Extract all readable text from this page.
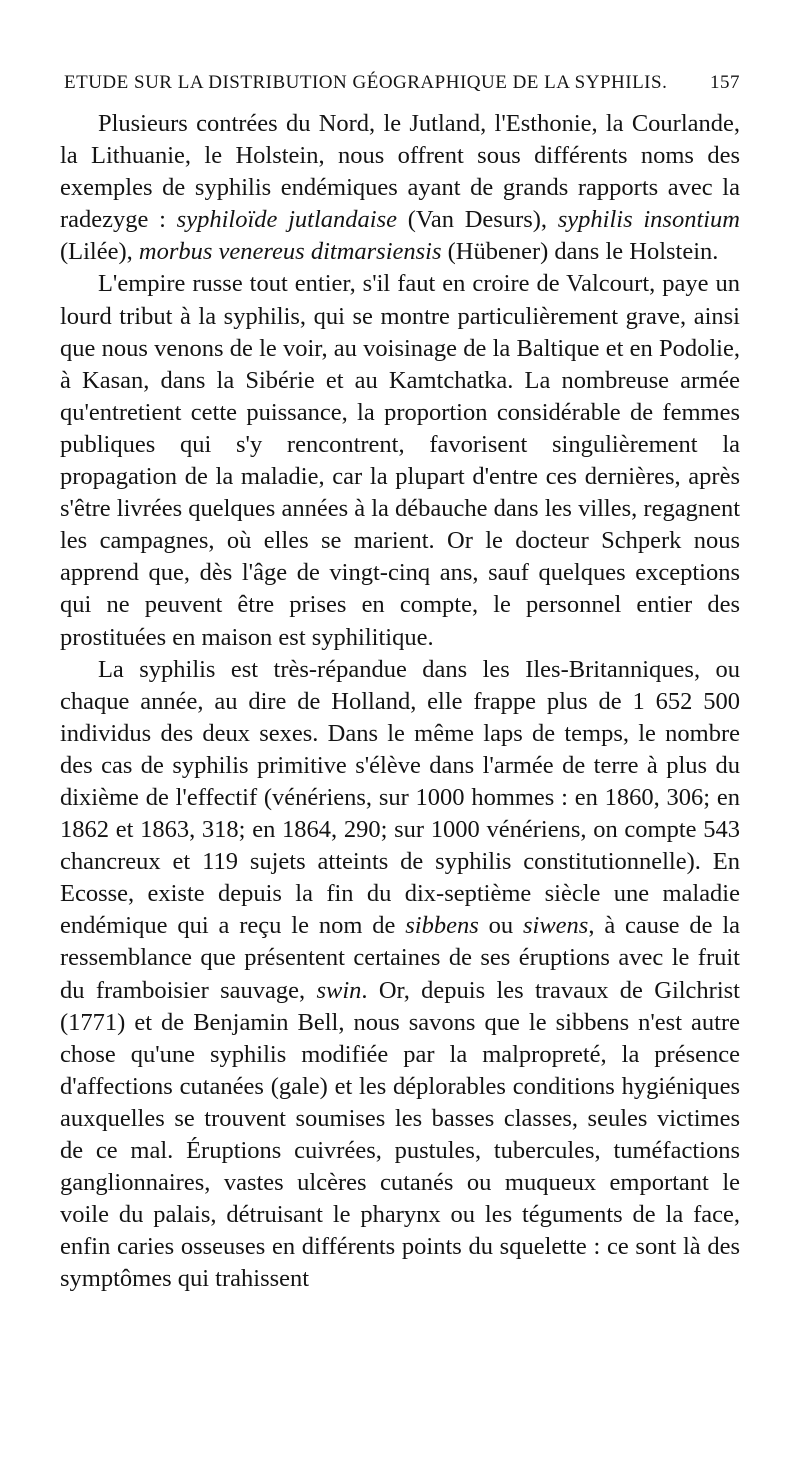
ETUDE SUR LA DISTRIBUTION GÉOGRAPHIQUE DE LA SYPHILIS. 157

Plusieurs contrées du Nord, le Jutland, l'Esthonie, la Courlande, la Lithuanie, le Holstein, nous offrent sous différents noms des exemples de syphilis endémiques ayant de grands rapports avec la radezyge : syphiloïde jutlandaise (Van Desurs), syphilis insontium (Lilée), morbus venereus ditmarsiensis (Hübener) dans le Holstein.

L'empire russe tout entier, s'il faut en croire de Valcourt, paye un lourd tribut à la syphilis, qui se montre particulièrement grave, ainsi que nous venons de le voir, au voisinage de la Baltique et en Podolie, à Kasan, dans la Sibérie et au Kamtchatka. La nombreuse armée qu'entretient cette puissance, la proportion considérable de femmes publiques qui s'y rencontrent, favorisent singulièrement la propagation de la maladie, car la plupart d'entre ces dernières, après s'être livrées quelques années à la débauche dans les villes, regagnent les campagnes, où elles se marient. Or le docteur Schperk nous apprend que, dès l'âge de vingt-cinq ans, sauf quelques exceptions qui ne peuvent être prises en compte, le personnel entier des prostituées en maison est syphilitique.

La syphilis est très-répandue dans les Iles-Britanniques, ou chaque année, au dire de Holland, elle frappe plus de 1 652 500 individus des deux sexes. Dans le même laps de temps, le nombre des cas de syphilis primitive s'élève dans l'armée de terre à plus du dixième de l'effectif (vénériens, sur 1000 hommes : en 1860, 306; en 1862 et 1863, 318; en 1864, 290; sur 1000 vénériens, on compte 543 chancreux et 119 sujets atteints de syphilis constitutionnelle). En Ecosse, existe depuis la fin du dix-septième siècle une maladie endémique qui a reçu le nom de sibbens ou siwens, à cause de la ressemblance que présentent certaines de ses éruptions avec le fruit du framboisier sauvage, swin. Or, depuis les travaux de Gilchrist (1771) et de Benjamin Bell, nous savons que le sibbens n'est autre chose qu'une syphilis modifiée par la malpropreté, la présence d'affections cutanées (gale) et les déplorables conditions hygiéniques auxquelles se trouvent soumises les basses classes, seules victimes de ce mal. Éruptions cuivrées, pustules, tubercules, tuméfactions ganglionnaires, vastes ulcères cutanés ou muqueux emportant le voile du palais, détruisant le pharynx ou les téguments de la face, enfin caries osseuses en différents points du squelette : ce sont là des symptômes qui trahissent
